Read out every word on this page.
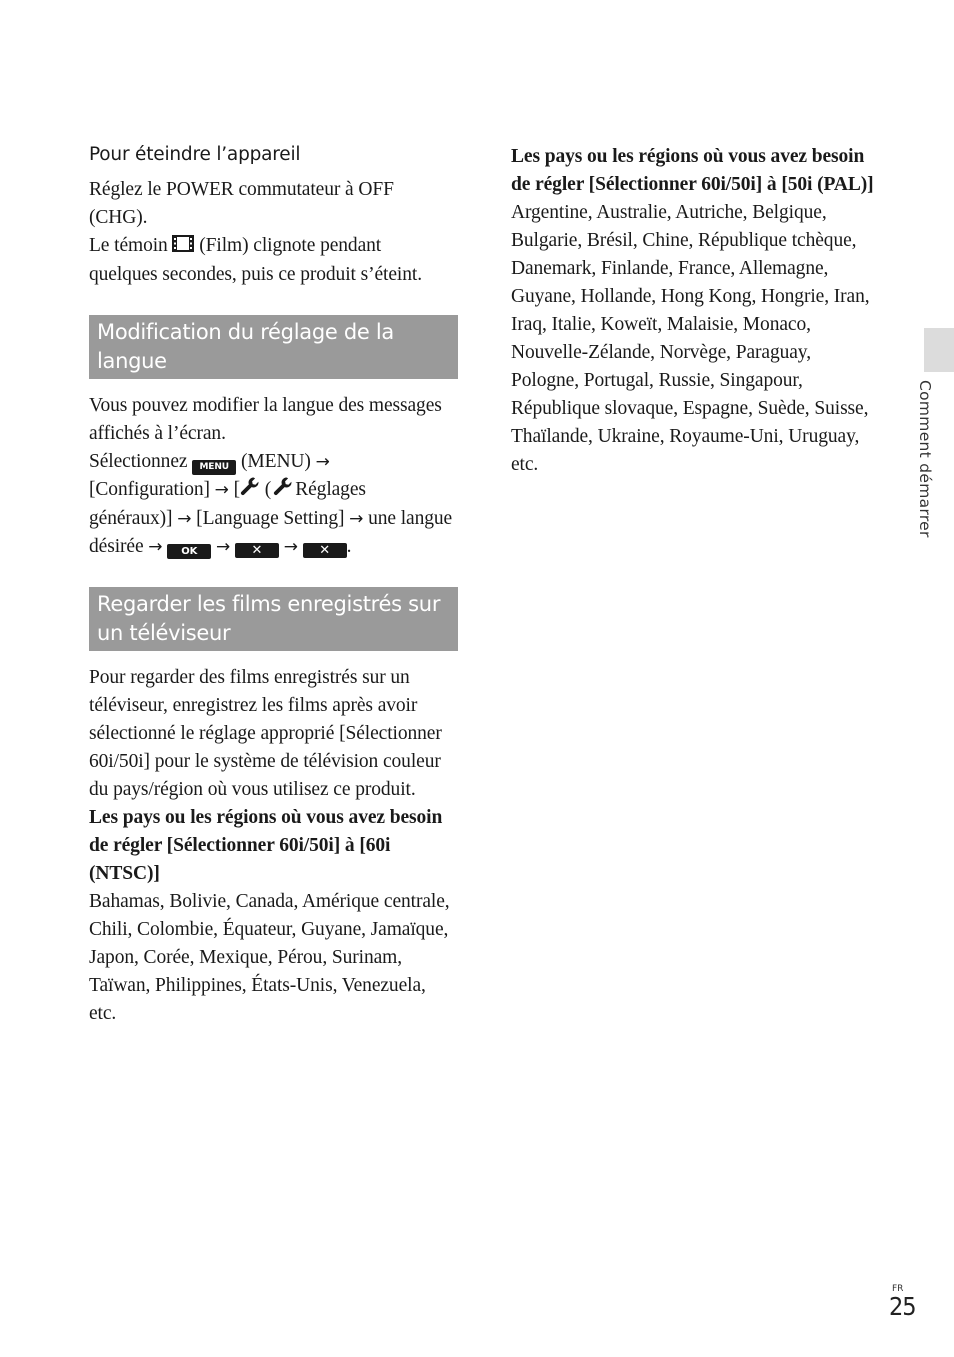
Pour éteindre l’appareil

Réglez le POWER commutateur à OFF (CHG).

Le témoin (Film) clignote pendant quelques secondes, puis ce produit s’éteint.

Modification du réglage de la langue

Vous pouvez modifier la langue des messages affichés à l’écran.

Sélectionnez MENU (MENU) → [Configuration] → [ ( Réglages généraux)] → [Language Setting] → une langue désirée → OK → ✕ → ✕ .

Regarder les films enregistrés sur un téléviseur

Pour regarder des films enregistrés sur un téléviseur, enregistrez les films après avoir sélectionné le réglage approprié [Sélectionner 60i/50i] pour le système de télévision couleur du pays/région où vous utilisez ce produit.

Les pays ou les régions où vous avez besoin de régler [Sélectionner 60i/50i] à [60i (NTSC)]

Bahamas, Bolivie, Canada, Amérique centrale, Chili, Colombie, Équateur, Guyane, Jamaïque, Japon, Corée, Mexique, Pérou, Surinam, Taïwan, Philippines, États-Unis, Venezuela, etc.

Les pays ou les régions où vous avez besoin de régler [Sélectionner 60i/50i] à [50i (PAL)]

Argentine, Australie, Autriche, Belgique, Bulgarie, Brésil, Chine, République tchèque, Danemark, Finlande, France, Allemagne, Guyane, Hollande, Hong Kong, Hongrie, Iran, Iraq, Italie, Koweït, Malaisie, Monaco, Nouvelle-Zélande, Norvège, Paraguay, Pologne, Portugal, Russie, Singapour, République slovaque, Espagne, Suède, Suisse, Thaïlande, Ukraine, Royaume-Uni, Uruguay, etc.	Comment démarrer
FR
25
